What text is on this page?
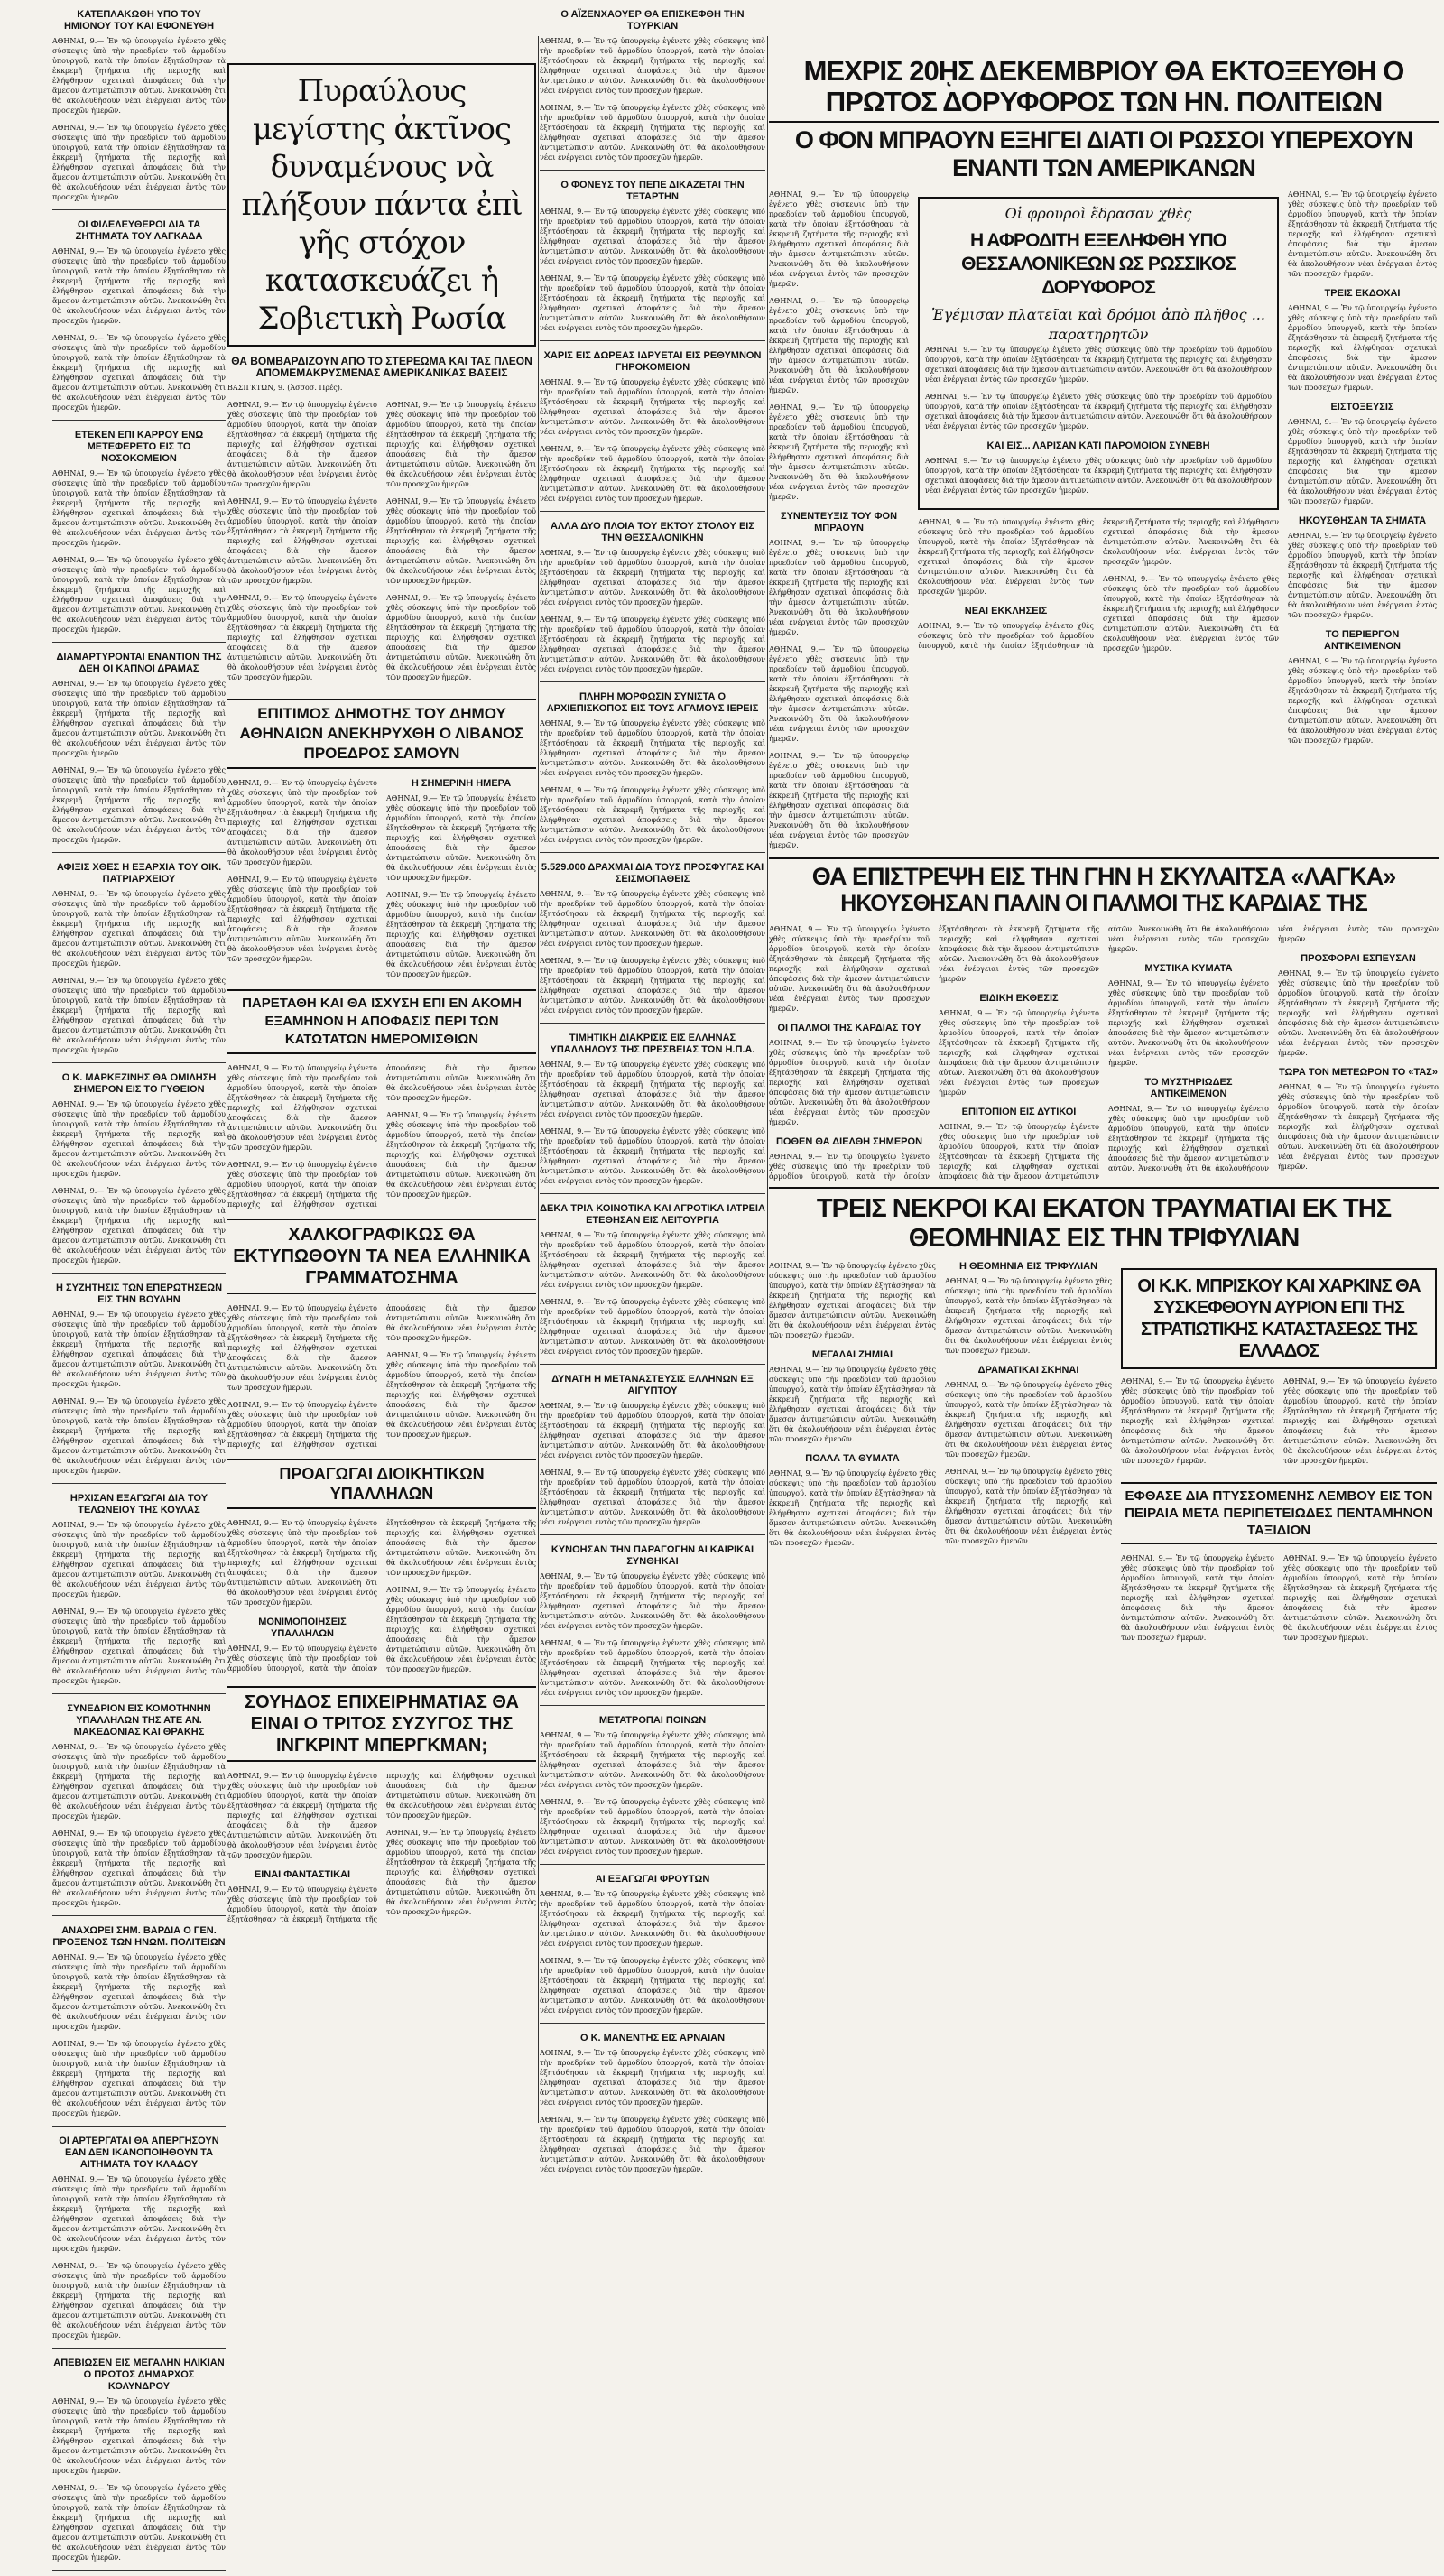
ΚΑΤΕΠΛΑΚΩΘΗ ΥΠΟ ΤΟΥ ΗΜΙΟΝΟΥ ΤΟΥ ΚΑΙ ΕΦΟΝΕΥΘΗ

ΑΘΗΝΑΙ, 9.— Ἐν τῷ ὑπουργείῳ ἐγένετο χθὲς σύσκεψις ὑπὸ τὴν προεδρίαν τοῦ ἁρμοδίου ὑπουργοῦ, κατὰ τὴν ὁποίαν ἐξητάσθησαν τὰ ἐκκρεμῆ ζητήματα τῆς περιοχῆς καὶ ἐλήφθησαν σχετικαὶ ἀποφάσεις διὰ τὴν ἄμεσον ἀντιμετώπισιν αὐτῶν. Ἀνεκοινώθη ὅτι θὰ ἀκολουθήσουν νέαι ἐνέργειαι ἐντὸς τῶν προσεχῶν ἡμερῶν.

ΑΘΗΝΑΙ, 9.— Ἐν τῷ ὑπουργείῳ ἐγένετο χθὲς σύσκεψις ὑπὸ τὴν προεδρίαν τοῦ ἁρμοδίου ὑπουργοῦ, κατὰ τὴν ὁποίαν ἐξητάσθησαν τὰ ἐκκρεμῆ ζητήματα τῆς περιοχῆς καὶ ἐλήφθησαν σχετικαὶ ἀποφάσεις διὰ τὴν ἄμεσον ἀντιμετώπισιν αὐτῶν. Ἀνεκοινώθη ὅτι θὰ ἀκολουθήσουν νέαι ἐνέργειαι ἐντὸς τῶν προσεχῶν ἡμερῶν.

ΟΙ ΦΙΛΕΛΕΥΘΕΡΟΙ ΔΙΑ ΤΑ ΖΗΤΗΜΑΤΑ ΤΟΥ ΛΑΓΚΑΔΑ

ΑΘΗΝΑΙ, 9.— Ἐν τῷ ὑπουργείῳ ἐγένετο χθὲς σύσκεψις ὑπὸ τὴν προεδρίαν τοῦ ἁρμοδίου ὑπουργοῦ, κατὰ τὴν ὁποίαν ἐξητάσθησαν τὰ ἐκκρεμῆ ζητήματα τῆς περιοχῆς καὶ ἐλήφθησαν σχετικαὶ ἀποφάσεις διὰ τὴν ἄμεσον ἀντιμετώπισιν αὐτῶν. Ἀνεκοινώθη ὅτι θὰ ἀκολουθήσουν νέαι ἐνέργειαι ἐντὸς τῶν προσεχῶν ἡμερῶν.

ΑΘΗΝΑΙ, 9.— Ἐν τῷ ὑπουργείῳ ἐγένετο χθὲς σύσκεψις ὑπὸ τὴν προεδρίαν τοῦ ἁρμοδίου ὑπουργοῦ, κατὰ τὴν ὁποίαν ἐξητάσθησαν τὰ ἐκκρεμῆ ζητήματα τῆς περιοχῆς καὶ ἐλήφθησαν σχετικαὶ ἀποφάσεις διὰ τὴν ἄμεσον ἀντιμετώπισιν αὐτῶν. Ἀνεκοινώθη ὅτι θὰ ἀκολουθήσουν νέαι ἐνέργειαι ἐντὸς τῶν προσεχῶν ἡμερῶν.

ΕΤΕΚΕΝ ΕΠΙ ΚΑΡΡΟΥ ΕΝΩ ΜΕΤΕΦΕΡΕΤΟ ΕΙΣ ΤΟ ΝΟΣΟΚΟΜΕΙΟΝ

ΑΘΗΝΑΙ, 9.— Ἐν τῷ ὑπουργείῳ ἐγένετο χθὲς σύσκεψις ὑπὸ τὴν προεδρίαν τοῦ ἁρμοδίου ὑπουργοῦ, κατὰ τὴν ὁποίαν ἐξητάσθησαν τὰ ἐκκρεμῆ ζητήματα τῆς περιοχῆς καὶ ἐλήφθησαν σχετικαὶ ἀποφάσεις διὰ τὴν ἄμεσον ἀντιμετώπισιν αὐτῶν. Ἀνεκοινώθη ὅτι θὰ ἀκολουθήσουν νέαι ἐνέργειαι ἐντὸς τῶν προσεχῶν ἡμερῶν.

ΑΘΗΝΑΙ, 9.— Ἐν τῷ ὑπουργείῳ ἐγένετο χθὲς σύσκεψις ὑπὸ τὴν προεδρίαν τοῦ ἁρμοδίου ὑπουργοῦ, κατὰ τὴν ὁποίαν ἐξητάσθησαν τὰ ἐκκρεμῆ ζητήματα τῆς περιοχῆς καὶ ἐλήφθησαν σχετικαὶ ἀποφάσεις διὰ τὴν ἄμεσον ἀντιμετώπισιν αὐτῶν. Ἀνεκοινώθη ὅτι θὰ ἀκολουθήσουν νέαι ἐνέργειαι ἐντὸς τῶν προσεχῶν ἡμερῶν.

ΔΙΑΜΑΡΤΥΡΟΝΤΑΙ ΕΝΑΝΤΙΟΝ ΤΗΣ ΔΕΗ ΟΙ ΚΑΠΝΟΙ ΔΡΑΜΑΣ

ΑΘΗΝΑΙ, 9.— Ἐν τῷ ὑπουργείῳ ἐγένετο χθὲς σύσκεψις ὑπὸ τὴν προεδρίαν τοῦ ἁρμοδίου ὑπουργοῦ, κατὰ τὴν ὁποίαν ἐξητάσθησαν τὰ ἐκκρεμῆ ζητήματα τῆς περιοχῆς καὶ ἐλήφθησαν σχετικαὶ ἀποφάσεις διὰ τὴν ἄμεσον ἀντιμετώπισιν αὐτῶν. Ἀνεκοινώθη ὅτι θὰ ἀκολουθήσουν νέαι ἐνέργειαι ἐντὸς τῶν προσεχῶν ἡμερῶν.

ΑΘΗΝΑΙ, 9.— Ἐν τῷ ὑπουργείῳ ἐγένετο χθὲς σύσκεψις ὑπὸ τὴν προεδρίαν τοῦ ἁρμοδίου ὑπουργοῦ, κατὰ τὴν ὁποίαν ἐξητάσθησαν τὰ ἐκκρεμῆ ζητήματα τῆς περιοχῆς καὶ ἐλήφθησαν σχετικαὶ ἀποφάσεις διὰ τὴν ἄμεσον ἀντιμετώπισιν αὐτῶν. Ἀνεκοινώθη ὅτι θὰ ἀκολουθήσουν νέαι ἐνέργειαι ἐντὸς τῶν προσεχῶν ἡμερῶν.

ΑΦΙΞΙΣ ΧΘΕΣ Η ΕΞΑΡΧΙΑ ΤΟΥ ΟΙΚ. ΠΑΤΡΙΑΡΧΕΙΟΥ

ΑΘΗΝΑΙ, 9.— Ἐν τῷ ὑπουργείῳ ἐγένετο χθὲς σύσκεψις ὑπὸ τὴν προεδρίαν τοῦ ἁρμοδίου ὑπουργοῦ, κατὰ τὴν ὁποίαν ἐξητάσθησαν τὰ ἐκκρεμῆ ζητήματα τῆς περιοχῆς καὶ ἐλήφθησαν σχετικαὶ ἀποφάσεις διὰ τὴν ἄμεσον ἀντιμετώπισιν αὐτῶν. Ἀνεκοινώθη ὅτι θὰ ἀκολουθήσουν νέαι ἐνέργειαι ἐντὸς τῶν προσεχῶν ἡμερῶν.

ΑΘΗΝΑΙ, 9.— Ἐν τῷ ὑπουργείῳ ἐγένετο χθὲς σύσκεψις ὑπὸ τὴν προεδρίαν τοῦ ἁρμοδίου ὑπουργοῦ, κατὰ τὴν ὁποίαν ἐξητάσθησαν τὰ ἐκκρεμῆ ζητήματα τῆς περιοχῆς καὶ ἐλήφθησαν σχετικαὶ ἀποφάσεις διὰ τὴν ἄμεσον ἀντιμετώπισιν αὐτῶν. Ἀνεκοινώθη ὅτι θὰ ἀκολουθήσουν νέαι ἐνέργειαι ἐντὸς τῶν προσεχῶν ἡμερῶν.

Ο Κ. ΜΑΡΚΕΖΙΝΗΣ ΘΑ ΟΜΙΛΗΣΗ ΣΗΜΕΡΟΝ ΕΙΣ ΤΟ ΓΥΘΕΙΟΝ

ΑΘΗΝΑΙ, 9.— Ἐν τῷ ὑπουργείῳ ἐγένετο χθὲς σύσκεψις ὑπὸ τὴν προεδρίαν τοῦ ἁρμοδίου ὑπουργοῦ, κατὰ τὴν ὁποίαν ἐξητάσθησαν τὰ ἐκκρεμῆ ζητήματα τῆς περιοχῆς καὶ ἐλήφθησαν σχετικαὶ ἀποφάσεις διὰ τὴν ἄμεσον ἀντιμετώπισιν αὐτῶν. Ἀνεκοινώθη ὅτι θὰ ἀκολουθήσουν νέαι ἐνέργειαι ἐντὸς τῶν προσεχῶν ἡμερῶν.

ΑΘΗΝΑΙ, 9.— Ἐν τῷ ὑπουργείῳ ἐγένετο χθὲς σύσκεψις ὑπὸ τὴν προεδρίαν τοῦ ἁρμοδίου ὑπουργοῦ, κατὰ τὴν ὁποίαν ἐξητάσθησαν τὰ ἐκκρεμῆ ζητήματα τῆς περιοχῆς καὶ ἐλήφθησαν σχετικαὶ ἀποφάσεις διὰ τὴν ἄμεσον ἀντιμετώπισιν αὐτῶν. Ἀνεκοινώθη ὅτι θὰ ἀκολουθήσουν νέαι ἐνέργειαι ἐντὸς τῶν προσεχῶν ἡμερῶν.

Η ΣΥΖΗΤΗΣΙΣ ΤΩΝ ΕΠΕΡΩΤΗΣΕΩΝ ΕΙΣ ΤΗΝ ΒΟΥΛΗΝ

ΑΘΗΝΑΙ, 9.— Ἐν τῷ ὑπουργείῳ ἐγένετο χθὲς σύσκεψις ὑπὸ τὴν προεδρίαν τοῦ ἁρμοδίου ὑπουργοῦ, κατὰ τὴν ὁποίαν ἐξητάσθησαν τὰ ἐκκρεμῆ ζητήματα τῆς περιοχῆς καὶ ἐλήφθησαν σχετικαὶ ἀποφάσεις διὰ τὴν ἄμεσον ἀντιμετώπισιν αὐτῶν. Ἀνεκοινώθη ὅτι θὰ ἀκολουθήσουν νέαι ἐνέργειαι ἐντὸς τῶν προσεχῶν ἡμερῶν.

ΑΘΗΝΑΙ, 9.— Ἐν τῷ ὑπουργείῳ ἐγένετο χθὲς σύσκεψις ὑπὸ τὴν προεδρίαν τοῦ ἁρμοδίου ὑπουργοῦ, κατὰ τὴν ὁποίαν ἐξητάσθησαν τὰ ἐκκρεμῆ ζητήματα τῆς περιοχῆς καὶ ἐλήφθησαν σχετικαὶ ἀποφάσεις διὰ τὴν ἄμεσον ἀντιμετώπισιν αὐτῶν. Ἀνεκοινώθη ὅτι θὰ ἀκολουθήσουν νέαι ἐνέργειαι ἐντὸς τῶν προσεχῶν ἡμερῶν.

ΗΡΧΙΣΑΝ ΕΞΑΓΩΓΑΙ ΔΙΑ ΤΟΥ ΤΕΛΩΝΕΙΟΥ ΤΗΣ ΚΟΥΛΑΣ

ΑΘΗΝΑΙ, 9.— Ἐν τῷ ὑπουργείῳ ἐγένετο χθὲς σύσκεψις ὑπὸ τὴν προεδρίαν τοῦ ἁρμοδίου ὑπουργοῦ, κατὰ τὴν ὁποίαν ἐξητάσθησαν τὰ ἐκκρεμῆ ζητήματα τῆς περιοχῆς καὶ ἐλήφθησαν σχετικαὶ ἀποφάσεις διὰ τὴν ἄμεσον ἀντιμετώπισιν αὐτῶν. Ἀνεκοινώθη ὅτι θὰ ἀκολουθήσουν νέαι ἐνέργειαι ἐντὸς τῶν προσεχῶν ἡμερῶν.

ΑΘΗΝΑΙ, 9.— Ἐν τῷ ὑπουργείῳ ἐγένετο χθὲς σύσκεψις ὑπὸ τὴν προεδρίαν τοῦ ἁρμοδίου ὑπουργοῦ, κατὰ τὴν ὁποίαν ἐξητάσθησαν τὰ ἐκκρεμῆ ζητήματα τῆς περιοχῆς καὶ ἐλήφθησαν σχετικαὶ ἀποφάσεις διὰ τὴν ἄμεσον ἀντιμετώπισιν αὐτῶν. Ἀνεκοινώθη ὅτι θὰ ἀκολουθήσουν νέαι ἐνέργειαι ἐντὸς τῶν προσεχῶν ἡμερῶν.

ΣΥΝΕΔΡΙΟΝ ΕΙΣ ΚΟΜΟΤΗΝΗΝ ΥΠΑΛΛΗΛΩΝ ΤΗΣ ΑΤΕ ΑΝ. ΜΑΚΕΔΟΝΙΑΣ ΚΑΙ ΘΡΑΚΗΣ

ΑΘΗΝΑΙ, 9.— Ἐν τῷ ὑπουργείῳ ἐγένετο χθὲς σύσκεψις ὑπὸ τὴν προεδρίαν τοῦ ἁρμοδίου ὑπουργοῦ, κατὰ τὴν ὁποίαν ἐξητάσθησαν τὰ ἐκκρεμῆ ζητήματα τῆς περιοχῆς καὶ ἐλήφθησαν σχετικαὶ ἀποφάσεις διὰ τὴν ἄμεσον ἀντιμετώπισιν αὐτῶν. Ἀνεκοινώθη ὅτι θὰ ἀκολουθήσουν νέαι ἐνέργειαι ἐντὸς τῶν προσεχῶν ἡμερῶν.

ΑΘΗΝΑΙ, 9.— Ἐν τῷ ὑπουργείῳ ἐγένετο χθὲς σύσκεψις ὑπὸ τὴν προεδρίαν τοῦ ἁρμοδίου ὑπουργοῦ, κατὰ τὴν ὁποίαν ἐξητάσθησαν τὰ ἐκκρεμῆ ζητήματα τῆς περιοχῆς καὶ ἐλήφθησαν σχετικαὶ ἀποφάσεις διὰ τὴν ἄμεσον ἀντιμετώπισιν αὐτῶν. Ἀνεκοινώθη ὅτι θὰ ἀκολουθήσουν νέαι ἐνέργειαι ἐντὸς τῶν προσεχῶν ἡμερῶν.

ΑΝΑΧΩΡΕΙ ΣΗΜ. ΒΑΡΔΙΑ Ο ΓΕΝ. ΠΡΟΞΕΝΟΣ ΤΩΝ ΗΝΩΜ. ΠΟΛΙΤΕΙΩΝ

ΑΘΗΝΑΙ, 9.— Ἐν τῷ ὑπουργείῳ ἐγένετο χθὲς σύσκεψις ὑπὸ τὴν προεδρίαν τοῦ ἁρμοδίου ὑπουργοῦ, κατὰ τὴν ὁποίαν ἐξητάσθησαν τὰ ἐκκρεμῆ ζητήματα τῆς περιοχῆς καὶ ἐλήφθησαν σχετικαὶ ἀποφάσεις διὰ τὴν ἄμεσον ἀντιμετώπισιν αὐτῶν. Ἀνεκοινώθη ὅτι θὰ ἀκολουθήσουν νέαι ἐνέργειαι ἐντὸς τῶν προσεχῶν ἡμερῶν.

ΑΘΗΝΑΙ, 9.— Ἐν τῷ ὑπουργείῳ ἐγένετο χθὲς σύσκεψις ὑπὸ τὴν προεδρίαν τοῦ ἁρμοδίου ὑπουργοῦ, κατὰ τὴν ὁποίαν ἐξητάσθησαν τὰ ἐκκρεμῆ ζητήματα τῆς περιοχῆς καὶ ἐλήφθησαν σχετικαὶ ἀποφάσεις διὰ τὴν ἄμεσον ἀντιμετώπισιν αὐτῶν. Ἀνεκοινώθη ὅτι θὰ ἀκολουθήσουν νέαι ἐνέργειαι ἐντὸς τῶν προσεχῶν ἡμερῶν.

ΟΙ ΑΡΤΕΡΓΑΤΑΙ ΘΑ ΑΠΕΡΓΗΣΟΥΝ ΕΑΝ ΔΕΝ ΙΚΑΝΟΠΟΙΗΘΟΥΝ ΤΑ ΑΙΤΗΜΑΤΑ ΤΟΥ ΚΛΑΔΟΥ

ΑΘΗΝΑΙ, 9.— Ἐν τῷ ὑπουργείῳ ἐγένετο χθὲς σύσκεψις ὑπὸ τὴν προεδρίαν τοῦ ἁρμοδίου ὑπουργοῦ, κατὰ τὴν ὁποίαν ἐξητάσθησαν τὰ ἐκκρεμῆ ζητήματα τῆς περιοχῆς καὶ ἐλήφθησαν σχετικαὶ ἀποφάσεις διὰ τὴν ἄμεσον ἀντιμετώπισιν αὐτῶν. Ἀνεκοινώθη ὅτι θὰ ἀκολουθήσουν νέαι ἐνέργειαι ἐντὸς τῶν προσεχῶν ἡμερῶν.

ΑΘΗΝΑΙ, 9.— Ἐν τῷ ὑπουργείῳ ἐγένετο χθὲς σύσκεψις ὑπὸ τὴν προεδρίαν τοῦ ἁρμοδίου ὑπουργοῦ, κατὰ τὴν ὁποίαν ἐξητάσθησαν τὰ ἐκκρεμῆ ζητήματα τῆς περιοχῆς καὶ ἐλήφθησαν σχετικαὶ ἀποφάσεις διὰ τὴν ἄμεσον ἀντιμετώπισιν αὐτῶν. Ἀνεκοινώθη ὅτι θὰ ἀκολουθήσουν νέαι ἐνέργειαι ἐντὸς τῶν προσεχῶν ἡμερῶν.

ΑΠΕΒΙΩΣΕΝ ΕΙΣ ΜΕΓΑΛΗΝ ΗΛΙΚΙΑΝ Ο ΠΡΩΤΟΣ ΔΗΜΑΡΧΟΣ ΚΟΛΥΝΔΡΟΥ

ΑΘΗΝΑΙ, 9.— Ἐν τῷ ὑπουργείῳ ἐγένετο χθὲς σύσκεψις ὑπὸ τὴν προεδρίαν τοῦ ἁρμοδίου ὑπουργοῦ, κατὰ τὴν ὁποίαν ἐξητάσθησαν τὰ ἐκκρεμῆ ζητήματα τῆς περιοχῆς καὶ ἐλήφθησαν σχετικαὶ ἀποφάσεις διὰ τὴν ἄμεσον ἀντιμετώπισιν αὐτῶν. Ἀνεκοινώθη ὅτι θὰ ἀκολουθήσουν νέαι ἐνέργειαι ἐντὸς τῶν προσεχῶν ἡμερῶν.

ΑΘΗΝΑΙ, 9.— Ἐν τῷ ὑπουργείῳ ἐγένετο χθὲς σύσκεψις ὑπὸ τὴν προεδρίαν τοῦ ἁρμοδίου ὑπουργοῦ, κατὰ τὴν ὁποίαν ἐξητάσθησαν τὰ ἐκκρεμῆ ζητήματα τῆς περιοχῆς καὶ ἐλήφθησαν σχετικαὶ ἀποφάσεις διὰ τὴν ἄμεσον ἀντιμετώπισιν αὐτῶν. Ἀνεκοινώθη ὅτι θὰ ἀκολουθήσουν νέαι ἐνέργειαι ἐντὸς τῶν προσεχῶν ἡμερῶν.

Πυραύλους μεγίστης ἀκτῖνος δυναμένους νὰ πλήξουν πάντα ἐπὶ γῆς στόχον κατασκευάζει ἡ Σοβιετικὴ Ρωσία
ΘΑ ΒΟΜΒΑΡΔΙΖΟΥΝ ΑΠΟ ΤΟ ΣΤΕΡΕΩΜΑ ΚΑΙ ΤΑΣ ΠΛΕΟΝ ΑΠΟΜΕΜΑΚΡΥΣΜΕΝΑΣ ΑΜΕΡΙΚΑΝΙΚΑΣ ΒΑΣΕΙΣ
ΒΑΣΙΓΚΤΩΝ, 9. (Ἀσσοσ. Πρές).

ΑΘΗΝΑΙ, 9.— Ἐν τῷ ὑπουργείῳ ἐγένετο χθὲς σύσκεψις ὑπὸ τὴν προεδρίαν τοῦ ἁρμοδίου ὑπουργοῦ, κατὰ τὴν ὁποίαν ἐξητάσθησαν τὰ ἐκκρεμῆ ζητήματα τῆς περιοχῆς καὶ ἐλήφθησαν σχετικαὶ ἀποφάσεις διὰ τὴν ἄμεσον ἀντιμετώπισιν αὐτῶν. Ἀνεκοινώθη ὅτι θὰ ἀκολουθήσουν νέαι ἐνέργειαι ἐντὸς τῶν προσεχῶν ἡμερῶν.

ΑΘΗΝΑΙ, 9.— Ἐν τῷ ὑπουργείῳ ἐγένετο χθὲς σύσκεψις ὑπὸ τὴν προεδρίαν τοῦ ἁρμοδίου ὑπουργοῦ, κατὰ τὴν ὁποίαν ἐξητάσθησαν τὰ ἐκκρεμῆ ζητήματα τῆς περιοχῆς καὶ ἐλήφθησαν σχετικαὶ ἀποφάσεις διὰ τὴν ἄμεσον ἀντιμετώπισιν αὐτῶν. Ἀνεκοινώθη ὅτι θὰ ἀκολουθήσουν νέαι ἐνέργειαι ἐντὸς τῶν προσεχῶν ἡμερῶν.

ΑΘΗΝΑΙ, 9.— Ἐν τῷ ὑπουργείῳ ἐγένετο χθὲς σύσκεψις ὑπὸ τὴν προεδρίαν τοῦ ἁρμοδίου ὑπουργοῦ, κατὰ τὴν ὁποίαν ἐξητάσθησαν τὰ ἐκκρεμῆ ζητήματα τῆς περιοχῆς καὶ ἐλήφθησαν σχετικαὶ ἀποφάσεις διὰ τὴν ἄμεσον ἀντιμετώπισιν αὐτῶν. Ἀνεκοινώθη ὅτι θὰ ἀκολουθήσουν νέαι ἐνέργειαι ἐντὸς τῶν προσεχῶν ἡμερῶν.

ΑΘΗΝΑΙ, 9.— Ἐν τῷ ὑπουργείῳ ἐγένετο χθὲς σύσκεψις ὑπὸ τὴν προεδρίαν τοῦ ἁρμοδίου ὑπουργοῦ, κατὰ τὴν ὁποίαν ἐξητάσθησαν τὰ ἐκκρεμῆ ζητήματα τῆς περιοχῆς καὶ ἐλήφθησαν σχετικαὶ ἀποφάσεις διὰ τὴν ἄμεσον ἀντιμετώπισιν αὐτῶν. Ἀνεκοινώθη ὅτι θὰ ἀκολουθήσουν νέαι ἐνέργειαι ἐντὸς τῶν προσεχῶν ἡμερῶν.

ΑΘΗΝΑΙ, 9.— Ἐν τῷ ὑπουργείῳ ἐγένετο χθὲς σύσκεψις ὑπὸ τὴν προεδρίαν τοῦ ἁρμοδίου ὑπουργοῦ, κατὰ τὴν ὁποίαν ἐξητάσθησαν τὰ ἐκκρεμῆ ζητήματα τῆς περιοχῆς καὶ ἐλήφθησαν σχετικαὶ ἀποφάσεις διὰ τὴν ἄμεσον ἀντιμετώπισιν αὐτῶν. Ἀνεκοινώθη ὅτι θὰ ἀκολουθήσουν νέαι ἐνέργειαι ἐντὸς τῶν προσεχῶν ἡμερῶν.

ΑΘΗΝΑΙ, 9.— Ἐν τῷ ὑπουργείῳ ἐγένετο χθὲς σύσκεψις ὑπὸ τὴν προεδρίαν τοῦ ἁρμοδίου ὑπουργοῦ, κατὰ τὴν ὁποίαν ἐξητάσθησαν τὰ ἐκκρεμῆ ζητήματα τῆς περιοχῆς καὶ ἐλήφθησαν σχετικαὶ ἀποφάσεις διὰ τὴν ἄμεσον ἀντιμετώπισιν αὐτῶν. Ἀνεκοινώθη ὅτι θὰ ἀκολουθήσουν νέαι ἐνέργειαι ἐντὸς τῶν προσεχῶν ἡμερῶν.

ΕΠΙΤΙΜΟΣ ΔΗΜΟΤΗΣ ΤΟΥ ΔΗΜΟΥ ΑΘΗΝΑΙΩΝ ΑΝΕΚΗΡΥΧΘΗ Ο ΛΙΒΑΝΟΣ ΠΡΟΕΔΡΟΣ ΣΑΜΟΥΝ

ΑΘΗΝΑΙ, 9.— Ἐν τῷ ὑπουργείῳ ἐγένετο χθὲς σύσκεψις ὑπὸ τὴν προεδρίαν τοῦ ἁρμοδίου ὑπουργοῦ, κατὰ τὴν ὁποίαν ἐξητάσθησαν τὰ ἐκκρεμῆ ζητήματα τῆς περιοχῆς καὶ ἐλήφθησαν σχετικαὶ ἀποφάσεις διὰ τὴν ἄμεσον ἀντιμετώπισιν αὐτῶν. Ἀνεκοινώθη ὅτι θὰ ἀκολουθήσουν νέαι ἐνέργειαι ἐντὸς τῶν προσεχῶν ἡμερῶν.

ΑΘΗΝΑΙ, 9.— Ἐν τῷ ὑπουργείῳ ἐγένετο χθὲς σύσκεψις ὑπὸ τὴν προεδρίαν τοῦ ἁρμοδίου ὑπουργοῦ, κατὰ τὴν ὁποίαν ἐξητάσθησαν τὰ ἐκκρεμῆ ζητήματα τῆς περιοχῆς καὶ ἐλήφθησαν σχετικαὶ ἀποφάσεις διὰ τὴν ἄμεσον ἀντιμετώπισιν αὐτῶν. Ἀνεκοινώθη ὅτι θὰ ἀκολουθήσουν νέαι ἐνέργειαι ἐντὸς τῶν προσεχῶν ἡμερῶν.

Η ΣΗΜΕΡΙΝΗ ΗΜΕΡΑ

ΑΘΗΝΑΙ, 9.— Ἐν τῷ ὑπουργείῳ ἐγένετο χθὲς σύσκεψις ὑπὸ τὴν προεδρίαν τοῦ ἁρμοδίου ὑπουργοῦ, κατὰ τὴν ὁποίαν ἐξητάσθησαν τὰ ἐκκρεμῆ ζητήματα τῆς περιοχῆς καὶ ἐλήφθησαν σχετικαὶ ἀποφάσεις διὰ τὴν ἄμεσον ἀντιμετώπισιν αὐτῶν. Ἀνεκοινώθη ὅτι θὰ ἀκολουθήσουν νέαι ἐνέργειαι ἐντὸς τῶν προσεχῶν ἡμερῶν.

ΑΘΗΝΑΙ, 9.— Ἐν τῷ ὑπουργείῳ ἐγένετο χθὲς σύσκεψις ὑπὸ τὴν προεδρίαν τοῦ ἁρμοδίου ὑπουργοῦ, κατὰ τὴν ὁποίαν ἐξητάσθησαν τὰ ἐκκρεμῆ ζητήματα τῆς περιοχῆς καὶ ἐλήφθησαν σχετικαὶ ἀποφάσεις διὰ τὴν ἄμεσον ἀντιμετώπισιν αὐτῶν. Ἀνεκοινώθη ὅτι θὰ ἀκολουθήσουν νέαι ἐνέργειαι ἐντὸς τῶν προσεχῶν ἡμερῶν.

ΠΑΡΕΤΑΘΗ ΚΑΙ ΘΑ ΙΣΧΥΣΗ ΕΠΙ ΕΝ ΑΚΟΜΗ ΕΞΑΜΗΝΟΝ Η ΑΠΟΦΑΣΙΣ ΠΕΡΙ ΤΩΝ ΚΑΤΩΤΑΤΩΝ ΗΜΕΡΟΜΙΣΘΙΩΝ

ΑΘΗΝΑΙ, 9.— Ἐν τῷ ὑπουργείῳ ἐγένετο χθὲς σύσκεψις ὑπὸ τὴν προεδρίαν τοῦ ἁρμοδίου ὑπουργοῦ, κατὰ τὴν ὁποίαν ἐξητάσθησαν τὰ ἐκκρεμῆ ζητήματα τῆς περιοχῆς καὶ ἐλήφθησαν σχετικαὶ ἀποφάσεις διὰ τὴν ἄμεσον ἀντιμετώπισιν αὐτῶν. Ἀνεκοινώθη ὅτι θὰ ἀκολουθήσουν νέαι ἐνέργειαι ἐντὸς τῶν προσεχῶν ἡμερῶν.

ΑΘΗΝΑΙ, 9.— Ἐν τῷ ὑπουργείῳ ἐγένετο χθὲς σύσκεψις ὑπὸ τὴν προεδρίαν τοῦ ἁρμοδίου ὑπουργοῦ, κατὰ τὴν ὁποίαν ἐξητάσθησαν τὰ ἐκκρεμῆ ζητήματα τῆς περιοχῆς καὶ ἐλήφθησαν σχετικαὶ ἀποφάσεις διὰ τὴν ἄμεσον ἀντιμετώπισιν αὐτῶν. Ἀνεκοινώθη ὅτι θὰ ἀκολουθήσουν νέαι ἐνέργειαι ἐντὸς τῶν προσεχῶν ἡμερῶν.

ΑΘΗΝΑΙ, 9.— Ἐν τῷ ὑπουργείῳ ἐγένετο χθὲς σύσκεψις ὑπὸ τὴν προεδρίαν τοῦ ἁρμοδίου ὑπουργοῦ, κατὰ τὴν ὁποίαν ἐξητάσθησαν τὰ ἐκκρεμῆ ζητήματα τῆς περιοχῆς καὶ ἐλήφθησαν σχετικαὶ ἀποφάσεις διὰ τὴν ἄμεσον ἀντιμετώπισιν αὐτῶν. Ἀνεκοινώθη ὅτι θὰ ἀκολουθήσουν νέαι ἐνέργειαι ἐντὸς τῶν προσεχῶν ἡμερῶν.

ΧΑΛΚΟΓΡΑΦΙΚΩΣ ΘΑ ΕΚΤΥΠΩΘΟΥΝ ΤΑ ΝΕΑ ΕΛΛΗΝΙΚΑ ΓΡΑΜΜΑΤΟΣΗΜΑ

ΑΘΗΝΑΙ, 9.— Ἐν τῷ ὑπουργείῳ ἐγένετο χθὲς σύσκεψις ὑπὸ τὴν προεδρίαν τοῦ ἁρμοδίου ὑπουργοῦ, κατὰ τὴν ὁποίαν ἐξητάσθησαν τὰ ἐκκρεμῆ ζητήματα τῆς περιοχῆς καὶ ἐλήφθησαν σχετικαὶ ἀποφάσεις διὰ τὴν ἄμεσον ἀντιμετώπισιν αὐτῶν. Ἀνεκοινώθη ὅτι θὰ ἀκολουθήσουν νέαι ἐνέργειαι ἐντὸς τῶν προσεχῶν ἡμερῶν.

ΑΘΗΝΑΙ, 9.— Ἐν τῷ ὑπουργείῳ ἐγένετο χθὲς σύσκεψις ὑπὸ τὴν προεδρίαν τοῦ ἁρμοδίου ὑπουργοῦ, κατὰ τὴν ὁποίαν ἐξητάσθησαν τὰ ἐκκρεμῆ ζητήματα τῆς περιοχῆς καὶ ἐλήφθησαν σχετικαὶ ἀποφάσεις διὰ τὴν ἄμεσον ἀντιμετώπισιν αὐτῶν. Ἀνεκοινώθη ὅτι θὰ ἀκολουθήσουν νέαι ἐνέργειαι ἐντὸς τῶν προσεχῶν ἡμερῶν.

ΑΘΗΝΑΙ, 9.— Ἐν τῷ ὑπουργείῳ ἐγένετο χθὲς σύσκεψις ὑπὸ τὴν προεδρίαν τοῦ ἁρμοδίου ὑπουργοῦ, κατὰ τὴν ὁποίαν ἐξητάσθησαν τὰ ἐκκρεμῆ ζητήματα τῆς περιοχῆς καὶ ἐλήφθησαν σχετικαὶ ἀποφάσεις διὰ τὴν ἄμεσον ἀντιμετώπισιν αὐτῶν. Ἀνεκοινώθη ὅτι θὰ ἀκολουθήσουν νέαι ἐνέργειαι ἐντὸς τῶν προσεχῶν ἡμερῶν.

ΠΡΟΑΓΩΓΑΙ ΔΙΟΙΚΗΤΙΚΩΝ ΥΠΑΛΛΗΛΩΝ

ΑΘΗΝΑΙ, 9.— Ἐν τῷ ὑπουργείῳ ἐγένετο χθὲς σύσκεψις ὑπὸ τὴν προεδρίαν τοῦ ἁρμοδίου ὑπουργοῦ, κατὰ τὴν ὁποίαν ἐξητάσθησαν τὰ ἐκκρεμῆ ζητήματα τῆς περιοχῆς καὶ ἐλήφθησαν σχετικαὶ ἀποφάσεις διὰ τὴν ἄμεσον ἀντιμετώπισιν αὐτῶν. Ἀνεκοινώθη ὅτι θὰ ἀκολουθήσουν νέαι ἐνέργειαι ἐντὸς τῶν προσεχῶν ἡμερῶν.

ΜΟΝΙΜΟΠΟΙΗΣΕΙΣ ΥΠΑΛΛΗΛΩΝ

ΑΘΗΝΑΙ, 9.— Ἐν τῷ ὑπουργείῳ ἐγένετο χθὲς σύσκεψις ὑπὸ τὴν προεδρίαν τοῦ ἁρμοδίου ὑπουργοῦ, κατὰ τὴν ὁποίαν ἐξητάσθησαν τὰ ἐκκρεμῆ ζητήματα τῆς περιοχῆς καὶ ἐλήφθησαν σχετικαὶ ἀποφάσεις διὰ τὴν ἄμεσον ἀντιμετώπισιν αὐτῶν. Ἀνεκοινώθη ὅτι θὰ ἀκολουθήσουν νέαι ἐνέργειαι ἐντὸς τῶν προσεχῶν ἡμερῶν.

ΑΘΗΝΑΙ, 9.— Ἐν τῷ ὑπουργείῳ ἐγένετο χθὲς σύσκεψις ὑπὸ τὴν προεδρίαν τοῦ ἁρμοδίου ὑπουργοῦ, κατὰ τὴν ὁποίαν ἐξητάσθησαν τὰ ἐκκρεμῆ ζητήματα τῆς περιοχῆς καὶ ἐλήφθησαν σχετικαὶ ἀποφάσεις διὰ τὴν ἄμεσον ἀντιμετώπισιν αὐτῶν. Ἀνεκοινώθη ὅτι θὰ ἀκολουθήσουν νέαι ἐνέργειαι ἐντὸς τῶν προσεχῶν ἡμερῶν.

ΣΟΥΗΔΟΣ ΕΠΙΧΕΙΡΗΜΑΤΙΑΣ ΘΑ ΕΙΝΑΙ Ο ΤΡΙΤΟΣ ΣΥΖΥΓΟΣ ΤΗΣ ΙΝΓΚΡΙΝΤ ΜΠΕΡΓΚΜΑΝ;

ΑΘΗΝΑΙ, 9.— Ἐν τῷ ὑπουργείῳ ἐγένετο χθὲς σύσκεψις ὑπὸ τὴν προεδρίαν τοῦ ἁρμοδίου ὑπουργοῦ, κατὰ τὴν ὁποίαν ἐξητάσθησαν τὰ ἐκκρεμῆ ζητήματα τῆς περιοχῆς καὶ ἐλήφθησαν σχετικαὶ ἀποφάσεις διὰ τὴν ἄμεσον ἀντιμετώπισιν αὐτῶν. Ἀνεκοινώθη ὅτι θὰ ἀκολουθήσουν νέαι ἐνέργειαι ἐντὸς τῶν προσεχῶν ἡμερῶν.

ΕΙΝΑΙ ΦΑΝΤΑΣΤΙΚΑΙ

ΑΘΗΝΑΙ, 9.— Ἐν τῷ ὑπουργείῳ ἐγένετο χθὲς σύσκεψις ὑπὸ τὴν προεδρίαν τοῦ ἁρμοδίου ὑπουργοῦ, κατὰ τὴν ὁποίαν ἐξητάσθησαν τὰ ἐκκρεμῆ ζητήματα τῆς περιοχῆς καὶ ἐλήφθησαν σχετικαὶ ἀποφάσεις διὰ τὴν ἄμεσον ἀντιμετώπισιν αὐτῶν. Ἀνεκοινώθη ὅτι θὰ ἀκολουθήσουν νέαι ἐνέργειαι ἐντὸς τῶν προσεχῶν ἡμερῶν.

ΑΘΗΝΑΙ, 9.— Ἐν τῷ ὑπουργείῳ ἐγένετο χθὲς σύσκεψις ὑπὸ τὴν προεδρίαν τοῦ ἁρμοδίου ὑπουργοῦ, κατὰ τὴν ὁποίαν ἐξητάσθησαν τὰ ἐκκρεμῆ ζητήματα τῆς περιοχῆς καὶ ἐλήφθησαν σχετικαὶ ἀποφάσεις διὰ τὴν ἄμεσον ἀντιμετώπισιν αὐτῶν. Ἀνεκοινώθη ὅτι θὰ ἀκολουθήσουν νέαι ἐνέργειαι ἐντὸς τῶν προσεχῶν ἡμερῶν.

Ο ΑΪΖΕΝΧΑΟΥΕΡ ΘΑ ΕΠΙΣΚΕΦΘΗ ΤΗΝ ΤΟΥΡΚΙΑΝ

ΑΘΗΝΑΙ, 9.— Ἐν τῷ ὑπουργείῳ ἐγένετο χθὲς σύσκεψις ὑπὸ τὴν προεδρίαν τοῦ ἁρμοδίου ὑπουργοῦ, κατὰ τὴν ὁποίαν ἐξητάσθησαν τὰ ἐκκρεμῆ ζητήματα τῆς περιοχῆς καὶ ἐλήφθησαν σχετικαὶ ἀποφάσεις διὰ τὴν ἄμεσον ἀντιμετώπισιν αὐτῶν. Ἀνεκοινώθη ὅτι θὰ ἀκολουθήσουν νέαι ἐνέργειαι ἐντὸς τῶν προσεχῶν ἡμερῶν.

ΑΘΗΝΑΙ, 9.— Ἐν τῷ ὑπουργείῳ ἐγένετο χθὲς σύσκεψις ὑπὸ τὴν προεδρίαν τοῦ ἁρμοδίου ὑπουργοῦ, κατὰ τὴν ὁποίαν ἐξητάσθησαν τὰ ἐκκρεμῆ ζητήματα τῆς περιοχῆς καὶ ἐλήφθησαν σχετικαὶ ἀποφάσεις διὰ τὴν ἄμεσον ἀντιμετώπισιν αὐτῶν. Ἀνεκοινώθη ὅτι θὰ ἀκολουθήσουν νέαι ἐνέργειαι ἐντὸς τῶν προσεχῶν ἡμερῶν.

Ο ΦΟΝΕΥΣ ΤΟΥ ΠΕΠΕ ΔΙΚΑΖΕΤΑΙ ΤΗΝ ΤΕΤΑΡΤΗΝ

ΑΘΗΝΑΙ, 9.— Ἐν τῷ ὑπουργείῳ ἐγένετο χθὲς σύσκεψις ὑπὸ τὴν προεδρίαν τοῦ ἁρμοδίου ὑπουργοῦ, κατὰ τὴν ὁποίαν ἐξητάσθησαν τὰ ἐκκρεμῆ ζητήματα τῆς περιοχῆς καὶ ἐλήφθησαν σχετικαὶ ἀποφάσεις διὰ τὴν ἄμεσον ἀντιμετώπισιν αὐτῶν. Ἀνεκοινώθη ὅτι θὰ ἀκολουθήσουν νέαι ἐνέργειαι ἐντὸς τῶν προσεχῶν ἡμερῶν.

ΑΘΗΝΑΙ, 9.— Ἐν τῷ ὑπουργείῳ ἐγένετο χθὲς σύσκεψις ὑπὸ τὴν προεδρίαν τοῦ ἁρμοδίου ὑπουργοῦ, κατὰ τὴν ὁποίαν ἐξητάσθησαν τὰ ἐκκρεμῆ ζητήματα τῆς περιοχῆς καὶ ἐλήφθησαν σχετικαὶ ἀποφάσεις διὰ τὴν ἄμεσον ἀντιμετώπισιν αὐτῶν. Ἀνεκοινώθη ὅτι θὰ ἀκολουθήσουν νέαι ἐνέργειαι ἐντὸς τῶν προσεχῶν ἡμερῶν.

ΧΑΡΙΣ ΕΙΣ ΔΩΡΕΑΣ ΙΔΡΥΕΤΑΙ ΕΙΣ ΡΕΘΥΜΝΟΝ ΓΗΡΟΚΟΜΕΙΟΝ

ΑΘΗΝΑΙ, 9.— Ἐν τῷ ὑπουργείῳ ἐγένετο χθὲς σύσκεψις ὑπὸ τὴν προεδρίαν τοῦ ἁρμοδίου ὑπουργοῦ, κατὰ τὴν ὁποίαν ἐξητάσθησαν τὰ ἐκκρεμῆ ζητήματα τῆς περιοχῆς καὶ ἐλήφθησαν σχετικαὶ ἀποφάσεις διὰ τὴν ἄμεσον ἀντιμετώπισιν αὐτῶν. Ἀνεκοινώθη ὅτι θὰ ἀκολουθήσουν νέαι ἐνέργειαι ἐντὸς τῶν προσεχῶν ἡμερῶν.

ΑΘΗΝΑΙ, 9.— Ἐν τῷ ὑπουργείῳ ἐγένετο χθὲς σύσκεψις ὑπὸ τὴν προεδρίαν τοῦ ἁρμοδίου ὑπουργοῦ, κατὰ τὴν ὁποίαν ἐξητάσθησαν τὰ ἐκκρεμῆ ζητήματα τῆς περιοχῆς καὶ ἐλήφθησαν σχετικαὶ ἀποφάσεις διὰ τὴν ἄμεσον ἀντιμετώπισιν αὐτῶν. Ἀνεκοινώθη ὅτι θὰ ἀκολουθήσουν νέαι ἐνέργειαι ἐντὸς τῶν προσεχῶν ἡμερῶν.

ΑΛΛΑ ΔΥΟ ΠΛΟΙΑ ΤΟΥ ΕΚΤΟΥ ΣΤΟΛΟΥ ΕΙΣ ΤΗΝ ΘΕΣΣΑΛΟΝΙΚΗΝ

ΑΘΗΝΑΙ, 9.— Ἐν τῷ ὑπουργείῳ ἐγένετο χθὲς σύσκεψις ὑπὸ τὴν προεδρίαν τοῦ ἁρμοδίου ὑπουργοῦ, κατὰ τὴν ὁποίαν ἐξητάσθησαν τὰ ἐκκρεμῆ ζητήματα τῆς περιοχῆς καὶ ἐλήφθησαν σχετικαὶ ἀποφάσεις διὰ τὴν ἄμεσον ἀντιμετώπισιν αὐτῶν. Ἀνεκοινώθη ὅτι θὰ ἀκολουθήσουν νέαι ἐνέργειαι ἐντὸς τῶν προσεχῶν ἡμερῶν.

ΑΘΗΝΑΙ, 9.— Ἐν τῷ ὑπουργείῳ ἐγένετο χθὲς σύσκεψις ὑπὸ τὴν προεδρίαν τοῦ ἁρμοδίου ὑπουργοῦ, κατὰ τὴν ὁποίαν ἐξητάσθησαν τὰ ἐκκρεμῆ ζητήματα τῆς περιοχῆς καὶ ἐλήφθησαν σχετικαὶ ἀποφάσεις διὰ τὴν ἄμεσον ἀντιμετώπισιν αὐτῶν. Ἀνεκοινώθη ὅτι θὰ ἀκολουθήσουν νέαι ἐνέργειαι ἐντὸς τῶν προσεχῶν ἡμερῶν.

ΠΛΗΡΗ ΜΟΡΦΩΣΙΝ ΣΥΝΙΣΤΑ Ο ΑΡΧΙΕΠΙΣΚΟΠΟΣ ΕΙΣ ΤΟΥΣ ΑΓΑΜΟΥΣ ΙΕΡΕΙΣ

ΑΘΗΝΑΙ, 9.— Ἐν τῷ ὑπουργείῳ ἐγένετο χθὲς σύσκεψις ὑπὸ τὴν προεδρίαν τοῦ ἁρμοδίου ὑπουργοῦ, κατὰ τὴν ὁποίαν ἐξητάσθησαν τὰ ἐκκρεμῆ ζητήματα τῆς περιοχῆς καὶ ἐλήφθησαν σχετικαὶ ἀποφάσεις διὰ τὴν ἄμεσον ἀντιμετώπισιν αὐτῶν. Ἀνεκοινώθη ὅτι θὰ ἀκολουθήσουν νέαι ἐνέργειαι ἐντὸς τῶν προσεχῶν ἡμερῶν.

ΑΘΗΝΑΙ, 9.— Ἐν τῷ ὑπουργείῳ ἐγένετο χθὲς σύσκεψις ὑπὸ τὴν προεδρίαν τοῦ ἁρμοδίου ὑπουργοῦ, κατὰ τὴν ὁποίαν ἐξητάσθησαν τὰ ἐκκρεμῆ ζητήματα τῆς περιοχῆς καὶ ἐλήφθησαν σχετικαὶ ἀποφάσεις διὰ τὴν ἄμεσον ἀντιμετώπισιν αὐτῶν. Ἀνεκοινώθη ὅτι θὰ ἀκολουθήσουν νέαι ἐνέργειαι ἐντὸς τῶν προσεχῶν ἡμερῶν.

5.529.000 ΔΡΑΧΜΑΙ ΔΙΑ ΤΟΥΣ ΠΡΟΣΦΥΓΑΣ ΚΑΙ ΣΕΙΣΜΟΠΑΘΕΙΣ

ΑΘΗΝΑΙ, 9.— Ἐν τῷ ὑπουργείῳ ἐγένετο χθὲς σύσκεψις ὑπὸ τὴν προεδρίαν τοῦ ἁρμοδίου ὑπουργοῦ, κατὰ τὴν ὁποίαν ἐξητάσθησαν τὰ ἐκκρεμῆ ζητήματα τῆς περιοχῆς καὶ ἐλήφθησαν σχετικαὶ ἀποφάσεις διὰ τὴν ἄμεσον ἀντιμετώπισιν αὐτῶν. Ἀνεκοινώθη ὅτι θὰ ἀκολουθήσουν νέαι ἐνέργειαι ἐντὸς τῶν προσεχῶν ἡμερῶν.

ΑΘΗΝΑΙ, 9.— Ἐν τῷ ὑπουργείῳ ἐγένετο χθὲς σύσκεψις ὑπὸ τὴν προεδρίαν τοῦ ἁρμοδίου ὑπουργοῦ, κατὰ τὴν ὁποίαν ἐξητάσθησαν τὰ ἐκκρεμῆ ζητήματα τῆς περιοχῆς καὶ ἐλήφθησαν σχετικαὶ ἀποφάσεις διὰ τὴν ἄμεσον ἀντιμετώπισιν αὐτῶν. Ἀνεκοινώθη ὅτι θὰ ἀκολουθήσουν νέαι ἐνέργειαι ἐντὸς τῶν προσεχῶν ἡμερῶν.

ΤΙΜΗΤΙΚΗ ΔΙΑΚΡΙΣΙΣ ΕΙΣ ΕΛΛΗΝΑΣ ΥΠΑΛΛΗΛΟΥΣ ΤΗΣ ΠΡΕΣΒΕΙΑΣ ΤΩΝ Η.Π.Α.

ΑΘΗΝΑΙ, 9.— Ἐν τῷ ὑπουργείῳ ἐγένετο χθὲς σύσκεψις ὑπὸ τὴν προεδρίαν τοῦ ἁρμοδίου ὑπουργοῦ, κατὰ τὴν ὁποίαν ἐξητάσθησαν τὰ ἐκκρεμῆ ζητήματα τῆς περιοχῆς καὶ ἐλήφθησαν σχετικαὶ ἀποφάσεις διὰ τὴν ἄμεσον ἀντιμετώπισιν αὐτῶν. Ἀνεκοινώθη ὅτι θὰ ἀκολουθήσουν νέαι ἐνέργειαι ἐντὸς τῶν προσεχῶν ἡμερῶν.

ΑΘΗΝΑΙ, 9.— Ἐν τῷ ὑπουργείῳ ἐγένετο χθὲς σύσκεψις ὑπὸ τὴν προεδρίαν τοῦ ἁρμοδίου ὑπουργοῦ, κατὰ τὴν ὁποίαν ἐξητάσθησαν τὰ ἐκκρεμῆ ζητήματα τῆς περιοχῆς καὶ ἐλήφθησαν σχετικαὶ ἀποφάσεις διὰ τὴν ἄμεσον ἀντιμετώπισιν αὐτῶν. Ἀνεκοινώθη ὅτι θὰ ἀκολουθήσουν νέαι ἐνέργειαι ἐντὸς τῶν προσεχῶν ἡμερῶν.

ΔΕΚΑ ΤΡΙΑ ΚΟΙΝΟΤΙΚΑ ΚΑΙ ΑΓΡΟΤΙΚΑ ΙΑΤΡΕΙΑ ΕΤΕΘΗΣΑΝ ΕΙΣ ΛΕΙΤΟΥΡΓΙΑ

ΑΘΗΝΑΙ, 9.— Ἐν τῷ ὑπουργείῳ ἐγένετο χθὲς σύσκεψις ὑπὸ τὴν προεδρίαν τοῦ ἁρμοδίου ὑπουργοῦ, κατὰ τὴν ὁποίαν ἐξητάσθησαν τὰ ἐκκρεμῆ ζητήματα τῆς περιοχῆς καὶ ἐλήφθησαν σχετικαὶ ἀποφάσεις διὰ τὴν ἄμεσον ἀντιμετώπισιν αὐτῶν. Ἀνεκοινώθη ὅτι θὰ ἀκολουθήσουν νέαι ἐνέργειαι ἐντὸς τῶν προσεχῶν ἡμερῶν.

ΑΘΗΝΑΙ, 9.— Ἐν τῷ ὑπουργείῳ ἐγένετο χθὲς σύσκεψις ὑπὸ τὴν προεδρίαν τοῦ ἁρμοδίου ὑπουργοῦ, κατὰ τὴν ὁποίαν ἐξητάσθησαν τὰ ἐκκρεμῆ ζητήματα τῆς περιοχῆς καὶ ἐλήφθησαν σχετικαὶ ἀποφάσεις διὰ τὴν ἄμεσον ἀντιμετώπισιν αὐτῶν. Ἀνεκοινώθη ὅτι θὰ ἀκολουθήσουν νέαι ἐνέργειαι ἐντὸς τῶν προσεχῶν ἡμερῶν.

ΔΥΝΑΤΗ Η ΜΕΤΑΝΑΣΤΕΥΣΙΣ ΕΛΛΗΝΩΝ ΕΞ ΑΙΓΥΠΤΟΥ

ΑΘΗΝΑΙ, 9.— Ἐν τῷ ὑπουργείῳ ἐγένετο χθὲς σύσκεψις ὑπὸ τὴν προεδρίαν τοῦ ἁρμοδίου ὑπουργοῦ, κατὰ τὴν ὁποίαν ἐξητάσθησαν τὰ ἐκκρεμῆ ζητήματα τῆς περιοχῆς καὶ ἐλήφθησαν σχετικαὶ ἀποφάσεις διὰ τὴν ἄμεσον ἀντιμετώπισιν αὐτῶν. Ἀνεκοινώθη ὅτι θὰ ἀκολουθήσουν νέαι ἐνέργειαι ἐντὸς τῶν προσεχῶν ἡμερῶν.

ΑΘΗΝΑΙ, 9.— Ἐν τῷ ὑπουργείῳ ἐγένετο χθὲς σύσκεψις ὑπὸ τὴν προεδρίαν τοῦ ἁρμοδίου ὑπουργοῦ, κατὰ τὴν ὁποίαν ἐξητάσθησαν τὰ ἐκκρεμῆ ζητήματα τῆς περιοχῆς καὶ ἐλήφθησαν σχετικαὶ ἀποφάσεις διὰ τὴν ἄμεσον ἀντιμετώπισιν αὐτῶν. Ἀνεκοινώθη ὅτι θὰ ἀκολουθήσουν νέαι ἐνέργειαι ἐντὸς τῶν προσεχῶν ἡμερῶν.

ΚΥΝΟΗΣΑΝ ΤΗΝ ΠΑΡΑΓΩΓΗΝ ΑΙ ΚΑΙΡΙΚΑΙ ΣΥΝΘΗΚΑΙ

ΑΘΗΝΑΙ, 9.— Ἐν τῷ ὑπουργείῳ ἐγένετο χθὲς σύσκεψις ὑπὸ τὴν προεδρίαν τοῦ ἁρμοδίου ὑπουργοῦ, κατὰ τὴν ὁποίαν ἐξητάσθησαν τὰ ἐκκρεμῆ ζητήματα τῆς περιοχῆς καὶ ἐλήφθησαν σχετικαὶ ἀποφάσεις διὰ τὴν ἄμεσον ἀντιμετώπισιν αὐτῶν. Ἀνεκοινώθη ὅτι θὰ ἀκολουθήσουν νέαι ἐνέργειαι ἐντὸς τῶν προσεχῶν ἡμερῶν.

ΑΘΗΝΑΙ, 9.— Ἐν τῷ ὑπουργείῳ ἐγένετο χθὲς σύσκεψις ὑπὸ τὴν προεδρίαν τοῦ ἁρμοδίου ὑπουργοῦ, κατὰ τὴν ὁποίαν ἐξητάσθησαν τὰ ἐκκρεμῆ ζητήματα τῆς περιοχῆς καὶ ἐλήφθησαν σχετικαὶ ἀποφάσεις διὰ τὴν ἄμεσον ἀντιμετώπισιν αὐτῶν. Ἀνεκοινώθη ὅτι θὰ ἀκολουθήσουν νέαι ἐνέργειαι ἐντὸς τῶν προσεχῶν ἡμερῶν.

ΜΕΤΑΤΡΟΠΑΙ ΠΟΙΝΩΝ

ΑΘΗΝΑΙ, 9.— Ἐν τῷ ὑπουργείῳ ἐγένετο χθὲς σύσκεψις ὑπὸ τὴν προεδρίαν τοῦ ἁρμοδίου ὑπουργοῦ, κατὰ τὴν ὁποίαν ἐξητάσθησαν τὰ ἐκκρεμῆ ζητήματα τῆς περιοχῆς καὶ ἐλήφθησαν σχετικαὶ ἀποφάσεις διὰ τὴν ἄμεσον ἀντιμετώπισιν αὐτῶν. Ἀνεκοινώθη ὅτι θὰ ἀκολουθήσουν νέαι ἐνέργειαι ἐντὸς τῶν προσεχῶν ἡμερῶν.

ΑΘΗΝΑΙ, 9.— Ἐν τῷ ὑπουργείῳ ἐγένετο χθὲς σύσκεψις ὑπὸ τὴν προεδρίαν τοῦ ἁρμοδίου ὑπουργοῦ, κατὰ τὴν ὁποίαν ἐξητάσθησαν τὰ ἐκκρεμῆ ζητήματα τῆς περιοχῆς καὶ ἐλήφθησαν σχετικαὶ ἀποφάσεις διὰ τὴν ἄμεσον ἀντιμετώπισιν αὐτῶν. Ἀνεκοινώθη ὅτι θὰ ἀκολουθήσουν νέαι ἐνέργειαι ἐντὸς τῶν προσεχῶν ἡμερῶν.

ΑΙ ΕΞΑΓΩΓΑΙ ΦΡΟΥΤΩΝ

ΑΘΗΝΑΙ, 9.— Ἐν τῷ ὑπουργείῳ ἐγένετο χθὲς σύσκεψις ὑπὸ τὴν προεδρίαν τοῦ ἁρμοδίου ὑπουργοῦ, κατὰ τὴν ὁποίαν ἐξητάσθησαν τὰ ἐκκρεμῆ ζητήματα τῆς περιοχῆς καὶ ἐλήφθησαν σχετικαὶ ἀποφάσεις διὰ τὴν ἄμεσον ἀντιμετώπισιν αὐτῶν. Ἀνεκοινώθη ὅτι θὰ ἀκολουθήσουν νέαι ἐνέργειαι ἐντὸς τῶν προσεχῶν ἡμερῶν.

ΑΘΗΝΑΙ, 9.— Ἐν τῷ ὑπουργείῳ ἐγένετο χθὲς σύσκεψις ὑπὸ τὴν προεδρίαν τοῦ ἁρμοδίου ὑπουργοῦ, κατὰ τὴν ὁποίαν ἐξητάσθησαν τὰ ἐκκρεμῆ ζητήματα τῆς περιοχῆς καὶ ἐλήφθησαν σχετικαὶ ἀποφάσεις διὰ τὴν ἄμεσον ἀντιμετώπισιν αὐτῶν. Ἀνεκοινώθη ὅτι θὰ ἀκολουθήσουν νέαι ἐνέργειαι ἐντὸς τῶν προσεχῶν ἡμερῶν.

Ο Κ. ΜΑΝΕΝΤΗΣ ΕΙΣ ΑΡΝΑΙΑΝ

ΑΘΗΝΑΙ, 9.— Ἐν τῷ ὑπουργείῳ ἐγένετο χθὲς σύσκεψις ὑπὸ τὴν προεδρίαν τοῦ ἁρμοδίου ὑπουργοῦ, κατὰ τὴν ὁποίαν ἐξητάσθησαν τὰ ἐκκρεμῆ ζητήματα τῆς περιοχῆς καὶ ἐλήφθησαν σχετικαὶ ἀποφάσεις διὰ τὴν ἄμεσον ἀντιμετώπισιν αὐτῶν. Ἀνεκοινώθη ὅτι θὰ ἀκολουθήσουν νέαι ἐνέργειαι ἐντὸς τῶν προσεχῶν ἡμερῶν.

ΑΘΗΝΑΙ, 9.— Ἐν τῷ ὑπουργείῳ ἐγένετο χθὲς σύσκεψις ὑπὸ τὴν προεδρίαν τοῦ ἁρμοδίου ὑπουργοῦ, κατὰ τὴν ὁποίαν ἐξητάσθησαν τὰ ἐκκρεμῆ ζητήματα τῆς περιοχῆς καὶ ἐλήφθησαν σχετικαὶ ἀποφάσεις διὰ τὴν ἄμεσον ἀντιμετώπισιν αὐτῶν. Ἀνεκοινώθη ὅτι θὰ ἀκολουθήσουν νέαι ἐνέργειαι ἐντὸς τῶν προσεχῶν ἡμερῶν.

ΜΕΧΡΙΣ 20ῌΣ ΔΕΚΕΜΒΡΙΟΥ ΘΑ ΕΚΤΟΞΕΥΘΗ Ο ΠΡΩΤΟΣ ΔΟΡΥΦΟΡΟΣ ΤΩΝ ΗΝ. ΠΟΛΙΤΕΙΩΝ
Ο ΦΟΝ ΜΠΡΑΟΥΝ ΕΞΗΓΕΙ ΔΙΑΤΙ ΟΙ ΡΩΣΣΟΙ ΥΠΕΡΕΧΟΥΝ ΕΝΑΝΤΙ ΤΩΝ ΑΜΕΡΙΚΑΝΩΝ

ΑΘΗΝΑΙ, 9.— Ἐν τῷ ὑπουργείῳ ἐγένετο χθὲς σύσκεψις ὑπὸ τὴν προεδρίαν τοῦ ἁρμοδίου ὑπουργοῦ, κατὰ τὴν ὁποίαν ἐξητάσθησαν τὰ ἐκκρεμῆ ζητήματα τῆς περιοχῆς καὶ ἐλήφθησαν σχετικαὶ ἀποφάσεις διὰ τὴν ἄμεσον ἀντιμετώπισιν αὐτῶν. Ἀνεκοινώθη ὅτι θὰ ἀκολουθήσουν νέαι ἐνέργειαι ἐντὸς τῶν προσεχῶν ἡμερῶν.

ΑΘΗΝΑΙ, 9.— Ἐν τῷ ὑπουργείῳ ἐγένετο χθὲς σύσκεψις ὑπὸ τὴν προεδρίαν τοῦ ἁρμοδίου ὑπουργοῦ, κατὰ τὴν ὁποίαν ἐξητάσθησαν τὰ ἐκκρεμῆ ζητήματα τῆς περιοχῆς καὶ ἐλήφθησαν σχετικαὶ ἀποφάσεις διὰ τὴν ἄμεσον ἀντιμετώπισιν αὐτῶν. Ἀνεκοινώθη ὅτι θὰ ἀκολουθήσουν νέαι ἐνέργειαι ἐντὸς τῶν προσεχῶν ἡμερῶν.

ΑΘΗΝΑΙ, 9.— Ἐν τῷ ὑπουργείῳ ἐγένετο χθὲς σύσκεψις ὑπὸ τὴν προεδρίαν τοῦ ἁρμοδίου ὑπουργοῦ, κατὰ τὴν ὁποίαν ἐξητάσθησαν τὰ ἐκκρεμῆ ζητήματα τῆς περιοχῆς καὶ ἐλήφθησαν σχετικαὶ ἀποφάσεις διὰ τὴν ἄμεσον ἀντιμετώπισιν αὐτῶν. Ἀνεκοινώθη ὅτι θὰ ἀκολουθήσουν νέαι ἐνέργειαι ἐντὸς τῶν προσεχῶν ἡμερῶν.

ΣΥΝΕΝΤΕΥΞΙΣ ΤΟΥ ΦΟΝ ΜΠΡΑΟΥΝ

ΑΘΗΝΑΙ, 9.— Ἐν τῷ ὑπουργείῳ ἐγένετο χθὲς σύσκεψις ὑπὸ τὴν προεδρίαν τοῦ ἁρμοδίου ὑπουργοῦ, κατὰ τὴν ὁποίαν ἐξητάσθησαν τὰ ἐκκρεμῆ ζητήματα τῆς περιοχῆς καὶ ἐλήφθησαν σχετικαὶ ἀποφάσεις διὰ τὴν ἄμεσον ἀντιμετώπισιν αὐτῶν. Ἀνεκοινώθη ὅτι θὰ ἀκολουθήσουν νέαι ἐνέργειαι ἐντὸς τῶν προσεχῶν ἡμερῶν.

ΑΘΗΝΑΙ, 9.— Ἐν τῷ ὑπουργείῳ ἐγένετο χθὲς σύσκεψις ὑπὸ τὴν προεδρίαν τοῦ ἁρμοδίου ὑπουργοῦ, κατὰ τὴν ὁποίαν ἐξητάσθησαν τὰ ἐκκρεμῆ ζητήματα τῆς περιοχῆς καὶ ἐλήφθησαν σχετικαὶ ἀποφάσεις διὰ τὴν ἄμεσον ἀντιμετώπισιν αὐτῶν. Ἀνεκοινώθη ὅτι θὰ ἀκολουθήσουν νέαι ἐνέργειαι ἐντὸς τῶν προσεχῶν ἡμερῶν.

ΑΘΗΝΑΙ, 9.— Ἐν τῷ ὑπουργείῳ ἐγένετο χθὲς σύσκεψις ὑπὸ τὴν προεδρίαν τοῦ ἁρμοδίου ὑπουργοῦ, κατὰ τὴν ὁποίαν ἐξητάσθησαν τὰ ἐκκρεμῆ ζητήματα τῆς περιοχῆς καὶ ἐλήφθησαν σχετικαὶ ἀποφάσεις διὰ τὴν ἄμεσον ἀντιμετώπισιν αὐτῶν. Ἀνεκοινώθη ὅτι θὰ ἀκολουθήσουν νέαι ἐνέργειαι ἐντὸς τῶν προσεχῶν ἡμερῶν.

Οἱ φρουροὶ ἔδρασαν χθὲς
Η ΑΦΡΟΔΙΤΗ ΕΞΕΛΗΦΘΗ ΥΠΟ ΘΕΣΣΑΛΟΝΙΚΕΩΝ ΩΣ ΡΩΣΣΙΚΟΣ ΔΟΡΥΦΟΡΟΣ
Ἐγέμισαν πλατεῖαι καὶ δρόμοι ἀπὸ πλῆθος ... παρατηρητῶν

ΑΘΗΝΑΙ, 9.— Ἐν τῷ ὑπουργείῳ ἐγένετο χθὲς σύσκεψις ὑπὸ τὴν προεδρίαν τοῦ ἁρμοδίου ὑπουργοῦ, κατὰ τὴν ὁποίαν ἐξητάσθησαν τὰ ἐκκρεμῆ ζητήματα τῆς περιοχῆς καὶ ἐλήφθησαν σχετικαὶ ἀποφάσεις διὰ τὴν ἄμεσον ἀντιμετώπισιν αὐτῶν. Ἀνεκοινώθη ὅτι θὰ ἀκολουθήσουν νέαι ἐνέργειαι ἐντὸς τῶν προσεχῶν ἡμερῶν.

ΑΘΗΝΑΙ, 9.— Ἐν τῷ ὑπουργείῳ ἐγένετο χθὲς σύσκεψις ὑπὸ τὴν προεδρίαν τοῦ ἁρμοδίου ὑπουργοῦ, κατὰ τὴν ὁποίαν ἐξητάσθησαν τὰ ἐκκρεμῆ ζητήματα τῆς περιοχῆς καὶ ἐλήφθησαν σχετικαὶ ἀποφάσεις διὰ τὴν ἄμεσον ἀντιμετώπισιν αὐτῶν. Ἀνεκοινώθη ὅτι θὰ ἀκολουθήσουν νέαι ἐνέργειαι ἐντὸς τῶν προσεχῶν ἡμερῶν.

ΚΑΙ ΕΙΣ... ΛΑΡΙΣΑΝ ΚΑΤΙ ΠΑΡΟΜΟΙΟΝ ΣΥΝΕΒΗ

ΑΘΗΝΑΙ, 9.— Ἐν τῷ ὑπουργείῳ ἐγένετο χθὲς σύσκεψις ὑπὸ τὴν προεδρίαν τοῦ ἁρμοδίου ὑπουργοῦ, κατὰ τὴν ὁποίαν ἐξητάσθησαν τὰ ἐκκρεμῆ ζητήματα τῆς περιοχῆς καὶ ἐλήφθησαν σχετικαὶ ἀποφάσεις διὰ τὴν ἄμεσον ἀντιμετώπισιν αὐτῶν. Ἀνεκοινώθη ὅτι θὰ ἀκολουθήσουν νέαι ἐνέργειαι ἐντὸς τῶν προσεχῶν ἡμερῶν.

ΑΘΗΝΑΙ, 9.— Ἐν τῷ ὑπουργείῳ ἐγένετο χθὲς σύσκεψις ὑπὸ τὴν προεδρίαν τοῦ ἁρμοδίου ὑπουργοῦ, κατὰ τὴν ὁποίαν ἐξητάσθησαν τὰ ἐκκρεμῆ ζητήματα τῆς περιοχῆς καὶ ἐλήφθησαν σχετικαὶ ἀποφάσεις διὰ τὴν ἄμεσον ἀντιμετώπισιν αὐτῶν. Ἀνεκοινώθη ὅτι θὰ ἀκολουθήσουν νέαι ἐνέργειαι ἐντὸς τῶν προσεχῶν ἡμερῶν.

ΝΕΑΙ ΕΚΚΛΗΣΕΙΣ

ΑΘΗΝΑΙ, 9.— Ἐν τῷ ὑπουργείῳ ἐγένετο χθὲς σύσκεψις ὑπὸ τὴν προεδρίαν τοῦ ἁρμοδίου ὑπουργοῦ, κατὰ τὴν ὁποίαν ἐξητάσθησαν τὰ ἐκκρεμῆ ζητήματα τῆς περιοχῆς καὶ ἐλήφθησαν σχετικαὶ ἀποφάσεις διὰ τὴν ἄμεσον ἀντιμετώπισιν αὐτῶν. Ἀνεκοινώθη ὅτι θὰ ἀκολουθήσουν νέαι ἐνέργειαι ἐντὸς τῶν προσεχῶν ἡμερῶν.

ΑΘΗΝΑΙ, 9.— Ἐν τῷ ὑπουργείῳ ἐγένετο χθὲς σύσκεψις ὑπὸ τὴν προεδρίαν τοῦ ἁρμοδίου ὑπουργοῦ, κατὰ τὴν ὁποίαν ἐξητάσθησαν τὰ ἐκκρεμῆ ζητήματα τῆς περιοχῆς καὶ ἐλήφθησαν σχετικαὶ ἀποφάσεις διὰ τὴν ἄμεσον ἀντιμετώπισιν αὐτῶν. Ἀνεκοινώθη ὅτι θὰ ἀκολουθήσουν νέαι ἐνέργειαι ἐντὸς τῶν προσεχῶν ἡμερῶν.

ΑΘΗΝΑΙ, 9.— Ἐν τῷ ὑπουργείῳ ἐγένετο χθὲς σύσκεψις ὑπὸ τὴν προεδρίαν τοῦ ἁρμοδίου ὑπουργοῦ, κατὰ τὴν ὁποίαν ἐξητάσθησαν τὰ ἐκκρεμῆ ζητήματα τῆς περιοχῆς καὶ ἐλήφθησαν σχετικαὶ ἀποφάσεις διὰ τὴν ἄμεσον ἀντιμετώπισιν αὐτῶν. Ἀνεκοινώθη ὅτι θὰ ἀκολουθήσουν νέαι ἐνέργειαι ἐντὸς τῶν προσεχῶν ἡμερῶν.

ΤΡΕΙΣ ΕΚΔΟΧΑΙ

ΑΘΗΝΑΙ, 9.— Ἐν τῷ ὑπουργείῳ ἐγένετο χθὲς σύσκεψις ὑπὸ τὴν προεδρίαν τοῦ ἁρμοδίου ὑπουργοῦ, κατὰ τὴν ὁποίαν ἐξητάσθησαν τὰ ἐκκρεμῆ ζητήματα τῆς περιοχῆς καὶ ἐλήφθησαν σχετικαὶ ἀποφάσεις διὰ τὴν ἄμεσον ἀντιμετώπισιν αὐτῶν. Ἀνεκοινώθη ὅτι θὰ ἀκολουθήσουν νέαι ἐνέργειαι ἐντὸς τῶν προσεχῶν ἡμερῶν.

ΕΙΣΤΟΞΕΥΣΙΣ

ΑΘΗΝΑΙ, 9.— Ἐν τῷ ὑπουργείῳ ἐγένετο χθὲς σύσκεψις ὑπὸ τὴν προεδρίαν τοῦ ἁρμοδίου ὑπουργοῦ, κατὰ τὴν ὁποίαν ἐξητάσθησαν τὰ ἐκκρεμῆ ζητήματα τῆς περιοχῆς καὶ ἐλήφθησαν σχετικαὶ ἀποφάσεις διὰ τὴν ἄμεσον ἀντιμετώπισιν αὐτῶν. Ἀνεκοινώθη ὅτι θὰ ἀκολουθήσουν νέαι ἐνέργειαι ἐντὸς τῶν προσεχῶν ἡμερῶν.

ΗΚΟΥΣΘΗΣΑΝ ΤΑ ΣΗΜΑΤΑ

ΑΘΗΝΑΙ, 9.— Ἐν τῷ ὑπουργείῳ ἐγένετο χθὲς σύσκεψις ὑπὸ τὴν προεδρίαν τοῦ ἁρμοδίου ὑπουργοῦ, κατὰ τὴν ὁποίαν ἐξητάσθησαν τὰ ἐκκρεμῆ ζητήματα τῆς περιοχῆς καὶ ἐλήφθησαν σχετικαὶ ἀποφάσεις διὰ τὴν ἄμεσον ἀντιμετώπισιν αὐτῶν. Ἀνεκοινώθη ὅτι θὰ ἀκολουθήσουν νέαι ἐνέργειαι ἐντὸς τῶν προσεχῶν ἡμερῶν.

ΤΟ ΠΕΡΙΕΡΓΟΝ ΑΝΤΙΚΕΙΜΕΝΟΝ

ΑΘΗΝΑΙ, 9.— Ἐν τῷ ὑπουργείῳ ἐγένετο χθὲς σύσκεψις ὑπὸ τὴν προεδρίαν τοῦ ἁρμοδίου ὑπουργοῦ, κατὰ τὴν ὁποίαν ἐξητάσθησαν τὰ ἐκκρεμῆ ζητήματα τῆς περιοχῆς καὶ ἐλήφθησαν σχετικαὶ ἀποφάσεις διὰ τὴν ἄμεσον ἀντιμετώπισιν αὐτῶν. Ἀνεκοινώθη ὅτι θὰ ἀκολουθήσουν νέαι ἐνέργειαι ἐντὸς τῶν προσεχῶν ἡμερῶν.

ΘΑ ΕΠΙΣΤΡΕΨΗ ΕΙΣ ΤΗΝ ΓΗΝ Η ΣΚΥΛΑΙΤΣΑ «ΛΑΓΚΑ»
ΗΚΟΥΣΘΗΣΑΝ ΠΑΛΙΝ ΟΙ ΠΑΛΜΟΙ ΤΗΣ ΚΑΡΔΙΑΣ ΤΗΣ

ΑΘΗΝΑΙ, 9.— Ἐν τῷ ὑπουργείῳ ἐγένετο χθὲς σύσκεψις ὑπὸ τὴν προεδρίαν τοῦ ἁρμοδίου ὑπουργοῦ, κατὰ τὴν ὁποίαν ἐξητάσθησαν τὰ ἐκκρεμῆ ζητήματα τῆς περιοχῆς καὶ ἐλήφθησαν σχετικαὶ ἀποφάσεις διὰ τὴν ἄμεσον ἀντιμετώπισιν αὐτῶν. Ἀνεκοινώθη ὅτι θὰ ἀκολουθήσουν νέαι ἐνέργειαι ἐντὸς τῶν προσεχῶν ἡμερῶν.

ΟΙ ΠΑΛΜΟΙ ΤΗΣ ΚΑΡΔΙΑΣ ΤΟΥ

ΑΘΗΝΑΙ, 9.— Ἐν τῷ ὑπουργείῳ ἐγένετο χθὲς σύσκεψις ὑπὸ τὴν προεδρίαν τοῦ ἁρμοδίου ὑπουργοῦ, κατὰ τὴν ὁποίαν ἐξητάσθησαν τὰ ἐκκρεμῆ ζητήματα τῆς περιοχῆς καὶ ἐλήφθησαν σχετικαὶ ἀποφάσεις διὰ τὴν ἄμεσον ἀντιμετώπισιν αὐτῶν. Ἀνεκοινώθη ὅτι θὰ ἀκολουθήσουν νέαι ἐνέργειαι ἐντὸς τῶν προσεχῶν ἡμερῶν.

ΠΟΘΕΝ ΘΑ ΔΙΕΛΘΗ ΣΗΜΕΡΟΝ

ΑΘΗΝΑΙ, 9.— Ἐν τῷ ὑπουργείῳ ἐγένετο χθὲς σύσκεψις ὑπὸ τὴν προεδρίαν τοῦ ἁρμοδίου ὑπουργοῦ, κατὰ τὴν ὁποίαν ἐξητάσθησαν τὰ ἐκκρεμῆ ζητήματα τῆς περιοχῆς καὶ ἐλήφθησαν σχετικαὶ ἀποφάσεις διὰ τὴν ἄμεσον ἀντιμετώπισιν αὐτῶν. Ἀνεκοινώθη ὅτι θὰ ἀκολουθήσουν νέαι ἐνέργειαι ἐντὸς τῶν προσεχῶν ἡμερῶν.

ΕΙΔΙΚΗ ΕΚΘΕΣΙΣ

ΑΘΗΝΑΙ, 9.— Ἐν τῷ ὑπουργείῳ ἐγένετο χθὲς σύσκεψις ὑπὸ τὴν προεδρίαν τοῦ ἁρμοδίου ὑπουργοῦ, κατὰ τὴν ὁποίαν ἐξητάσθησαν τὰ ἐκκρεμῆ ζητήματα τῆς περιοχῆς καὶ ἐλήφθησαν σχετικαὶ ἀποφάσεις διὰ τὴν ἄμεσον ἀντιμετώπισιν αὐτῶν. Ἀνεκοινώθη ὅτι θὰ ἀκολουθήσουν νέαι ἐνέργειαι ἐντὸς τῶν προσεχῶν ἡμερῶν.

ΕΠΙΤΟΠΙΟΝ ΕΙΣ ΔΥΤΙΚΟΙ

ΑΘΗΝΑΙ, 9.— Ἐν τῷ ὑπουργείῳ ἐγένετο χθὲς σύσκεψις ὑπὸ τὴν προεδρίαν τοῦ ἁρμοδίου ὑπουργοῦ, κατὰ τὴν ὁποίαν ἐξητάσθησαν τὰ ἐκκρεμῆ ζητήματα τῆς περιοχῆς καὶ ἐλήφθησαν σχετικαὶ ἀποφάσεις διὰ τὴν ἄμεσον ἀντιμετώπισιν αὐτῶν. Ἀνεκοινώθη ὅτι θὰ ἀκολουθήσουν νέαι ἐνέργειαι ἐντὸς τῶν προσεχῶν ἡμερῶν.

ΜΥΣΤΙΚΑ ΚΥΜΑΤΑ

ΑΘΗΝΑΙ, 9.— Ἐν τῷ ὑπουργείῳ ἐγένετο χθὲς σύσκεψις ὑπὸ τὴν προεδρίαν τοῦ ἁρμοδίου ὑπουργοῦ, κατὰ τὴν ὁποίαν ἐξητάσθησαν τὰ ἐκκρεμῆ ζητήματα τῆς περιοχῆς καὶ ἐλήφθησαν σχετικαὶ ἀποφάσεις διὰ τὴν ἄμεσον ἀντιμετώπισιν αὐτῶν. Ἀνεκοινώθη ὅτι θὰ ἀκολουθήσουν νέαι ἐνέργειαι ἐντὸς τῶν προσεχῶν ἡμερῶν.

ΤΟ ΜΥΣΤΗΡΙΩΔΕΣ ΑΝΤΙΚΕΙΜΕΝΟΝ

ΑΘΗΝΑΙ, 9.— Ἐν τῷ ὑπουργείῳ ἐγένετο χθὲς σύσκεψις ὑπὸ τὴν προεδρίαν τοῦ ἁρμοδίου ὑπουργοῦ, κατὰ τὴν ὁποίαν ἐξητάσθησαν τὰ ἐκκρεμῆ ζητήματα τῆς περιοχῆς καὶ ἐλήφθησαν σχετικαὶ ἀποφάσεις διὰ τὴν ἄμεσον ἀντιμετώπισιν αὐτῶν. Ἀνεκοινώθη ὅτι θὰ ἀκολουθήσουν νέαι ἐνέργειαι ἐντὸς τῶν προσεχῶν ἡμερῶν.

ΠΡΟΣΦΟΡΑΙ ΕΣΠΕΥΣΑΝ

ΑΘΗΝΑΙ, 9.— Ἐν τῷ ὑπουργείῳ ἐγένετο χθὲς σύσκεψις ὑπὸ τὴν προεδρίαν τοῦ ἁρμοδίου ὑπουργοῦ, κατὰ τὴν ὁποίαν ἐξητάσθησαν τὰ ἐκκρεμῆ ζητήματα τῆς περιοχῆς καὶ ἐλήφθησαν σχετικαὶ ἀποφάσεις διὰ τὴν ἄμεσον ἀντιμετώπισιν αὐτῶν. Ἀνεκοινώθη ὅτι θὰ ἀκολουθήσουν νέαι ἐνέργειαι ἐντὸς τῶν προσεχῶν ἡμερῶν.

ΤΩΡΑ ΤΟΝ ΜΕΤΕΩΡΟΝ ΤΟ «ΤΑΣ»

ΑΘΗΝΑΙ, 9.— Ἐν τῷ ὑπουργείῳ ἐγένετο χθὲς σύσκεψις ὑπὸ τὴν προεδρίαν τοῦ ἁρμοδίου ὑπουργοῦ, κατὰ τὴν ὁποίαν ἐξητάσθησαν τὰ ἐκκρεμῆ ζητήματα τῆς περιοχῆς καὶ ἐλήφθησαν σχετικαὶ ἀποφάσεις διὰ τὴν ἄμεσον ἀντιμετώπισιν αὐτῶν. Ἀνεκοινώθη ὅτι θὰ ἀκολουθήσουν νέαι ἐνέργειαι ἐντὸς τῶν προσεχῶν ἡμερῶν.

ΤΡΕΙΣ ΝΕΚΡΟΙ ΚΑΙ ΕΚΑΤΟΝ ΤΡΑΥΜΑΤΙΑΙ ΕΚ ΤΗΣ ΘΕΟΜΗΝΙΑΣ ΕΙΣ ΤΗΝ ΤΡΙΦΥΛΙΑΝ

ΑΘΗΝΑΙ, 9.— Ἐν τῷ ὑπουργείῳ ἐγένετο χθὲς σύσκεψις ὑπὸ τὴν προεδρίαν τοῦ ἁρμοδίου ὑπουργοῦ, κατὰ τὴν ὁποίαν ἐξητάσθησαν τὰ ἐκκρεμῆ ζητήματα τῆς περιοχῆς καὶ ἐλήφθησαν σχετικαὶ ἀποφάσεις διὰ τὴν ἄμεσον ἀντιμετώπισιν αὐτῶν. Ἀνεκοινώθη ὅτι θὰ ἀκολουθήσουν νέαι ἐνέργειαι ἐντὸς τῶν προσεχῶν ἡμερῶν.

ΜΕΓΑΛΑΙ ΖΗΜΙΑΙ

ΑΘΗΝΑΙ, 9.— Ἐν τῷ ὑπουργείῳ ἐγένετο χθὲς σύσκεψις ὑπὸ τὴν προεδρίαν τοῦ ἁρμοδίου ὑπουργοῦ, κατὰ τὴν ὁποίαν ἐξητάσθησαν τὰ ἐκκρεμῆ ζητήματα τῆς περιοχῆς καὶ ἐλήφθησαν σχετικαὶ ἀποφάσεις διὰ τὴν ἄμεσον ἀντιμετώπισιν αὐτῶν. Ἀνεκοινώθη ὅτι θὰ ἀκολουθήσουν νέαι ἐνέργειαι ἐντὸς τῶν προσεχῶν ἡμερῶν.

ΠΟΛΛΑ ΤΑ ΘΥΜΑΤΑ

ΑΘΗΝΑΙ, 9.— Ἐν τῷ ὑπουργείῳ ἐγένετο χθὲς σύσκεψις ὑπὸ τὴν προεδρίαν τοῦ ἁρμοδίου ὑπουργοῦ, κατὰ τὴν ὁποίαν ἐξητάσθησαν τὰ ἐκκρεμῆ ζητήματα τῆς περιοχῆς καὶ ἐλήφθησαν σχετικαὶ ἀποφάσεις διὰ τὴν ἄμεσον ἀντιμετώπισιν αὐτῶν. Ἀνεκοινώθη ὅτι θὰ ἀκολουθήσουν νέαι ἐνέργειαι ἐντὸς τῶν προσεχῶν ἡμερῶν.

Η ΘΕΟΜΗΝΙΑ ΕΙΣ ΤΡΙΦΥΛΙΑΝ

ΑΘΗΝΑΙ, 9.— Ἐν τῷ ὑπουργείῳ ἐγένετο χθὲς σύσκεψις ὑπὸ τὴν προεδρίαν τοῦ ἁρμοδίου ὑπουργοῦ, κατὰ τὴν ὁποίαν ἐξητάσθησαν τὰ ἐκκρεμῆ ζητήματα τῆς περιοχῆς καὶ ἐλήφθησαν σχετικαὶ ἀποφάσεις διὰ τὴν ἄμεσον ἀντιμετώπισιν αὐτῶν. Ἀνεκοινώθη ὅτι θὰ ἀκολουθήσουν νέαι ἐνέργειαι ἐντὸς τῶν προσεχῶν ἡμερῶν.

ΔΡΑΜΑΤΙΚΑΙ ΣΚΗΝΑΙ

ΑΘΗΝΑΙ, 9.— Ἐν τῷ ὑπουργείῳ ἐγένετο χθὲς σύσκεψις ὑπὸ τὴν προεδρίαν τοῦ ἁρμοδίου ὑπουργοῦ, κατὰ τὴν ὁποίαν ἐξητάσθησαν τὰ ἐκκρεμῆ ζητήματα τῆς περιοχῆς καὶ ἐλήφθησαν σχετικαὶ ἀποφάσεις διὰ τὴν ἄμεσον ἀντιμετώπισιν αὐτῶν. Ἀνεκοινώθη ὅτι θὰ ἀκολουθήσουν νέαι ἐνέργειαι ἐντὸς τῶν προσεχῶν ἡμερῶν.

ΑΘΗΝΑΙ, 9.— Ἐν τῷ ὑπουργείῳ ἐγένετο χθὲς σύσκεψις ὑπὸ τὴν προεδρίαν τοῦ ἁρμοδίου ὑπουργοῦ, κατὰ τὴν ὁποίαν ἐξητάσθησαν τὰ ἐκκρεμῆ ζητήματα τῆς περιοχῆς καὶ ἐλήφθησαν σχετικαὶ ἀποφάσεις διὰ τὴν ἄμεσον ἀντιμετώπισιν αὐτῶν. Ἀνεκοινώθη ὅτι θὰ ἀκολουθήσουν νέαι ἐνέργειαι ἐντὸς τῶν προσεχῶν ἡμερῶν.

ΟΙ Κ.Κ. ΜΠΡΙΣΚΟΥ ΚΑΙ ΧΑΡΚΙΝΣ ΘΑ ΣΥΣΚΕΦΘΟΥΝ ΑΥΡΙΟΝ ΕΠΙ ΤΗΣ ΣΤΡΑΤΙΩΤΙΚΗΣ ΚΑΤΑΣΤΑΣΕΩΣ ΤΗΣ ΕΛΛΑΔΟΣ

ΑΘΗΝΑΙ, 9.— Ἐν τῷ ὑπουργείῳ ἐγένετο χθὲς σύσκεψις ὑπὸ τὴν προεδρίαν τοῦ ἁρμοδίου ὑπουργοῦ, κατὰ τὴν ὁποίαν ἐξητάσθησαν τὰ ἐκκρεμῆ ζητήματα τῆς περιοχῆς καὶ ἐλήφθησαν σχετικαὶ ἀποφάσεις διὰ τὴν ἄμεσον ἀντιμετώπισιν αὐτῶν. Ἀνεκοινώθη ὅτι θὰ ἀκολουθήσουν νέαι ἐνέργειαι ἐντὸς τῶν προσεχῶν ἡμερῶν.

ΑΘΗΝΑΙ, 9.— Ἐν τῷ ὑπουργείῳ ἐγένετο χθὲς σύσκεψις ὑπὸ τὴν προεδρίαν τοῦ ἁρμοδίου ὑπουργοῦ, κατὰ τὴν ὁποίαν ἐξητάσθησαν τὰ ἐκκρεμῆ ζητήματα τῆς περιοχῆς καὶ ἐλήφθησαν σχετικαὶ ἀποφάσεις διὰ τὴν ἄμεσον ἀντιμετώπισιν αὐτῶν. Ἀνεκοινώθη ὅτι θὰ ἀκολουθήσουν νέαι ἐνέργειαι ἐντὸς τῶν προσεχῶν ἡμερῶν.

ΕΦΘΑΣΕ ΔΙΑ ΠΤΥΣΣΟΜΕΝΗΣ ΛΕΜΒΟΥ ΕΙΣ ΤΟΝ ΠΕΙΡΑΙΑ ΜΕΤΑ ΠΕΡΙΠΕΤΕΙΩΔΕΣ ΠΕΝΤΑΜΗΝΟΝ ΤΑΞΙΔΙΟΝ

ΑΘΗΝΑΙ, 9.— Ἐν τῷ ὑπουργείῳ ἐγένετο χθὲς σύσκεψις ὑπὸ τὴν προεδρίαν τοῦ ἁρμοδίου ὑπουργοῦ, κατὰ τὴν ὁποίαν ἐξητάσθησαν τὰ ἐκκρεμῆ ζητήματα τῆς περιοχῆς καὶ ἐλήφθησαν σχετικαὶ ἀποφάσεις διὰ τὴν ἄμεσον ἀντιμετώπισιν αὐτῶν. Ἀνεκοινώθη ὅτι θὰ ἀκολουθήσουν νέαι ἐνέργειαι ἐντὸς τῶν προσεχῶν ἡμερῶν.

ΑΘΗΝΑΙ, 9.— Ἐν τῷ ὑπουργείῳ ἐγένετο χθὲς σύσκεψις ὑπὸ τὴν προεδρίαν τοῦ ἁρμοδίου ὑπουργοῦ, κατὰ τὴν ὁποίαν ἐξητάσθησαν τὰ ἐκκρεμῆ ζητήματα τῆς περιοχῆς καὶ ἐλήφθησαν σχετικαὶ ἀποφάσεις διὰ τὴν ἄμεσον ἀντιμετώπισιν αὐτῶν. Ἀνεκοινώθη ὅτι θὰ ἀκολουθήσουν νέαι ἐνέργειαι ἐντὸς τῶν προσεχῶν ἡμερῶν.
